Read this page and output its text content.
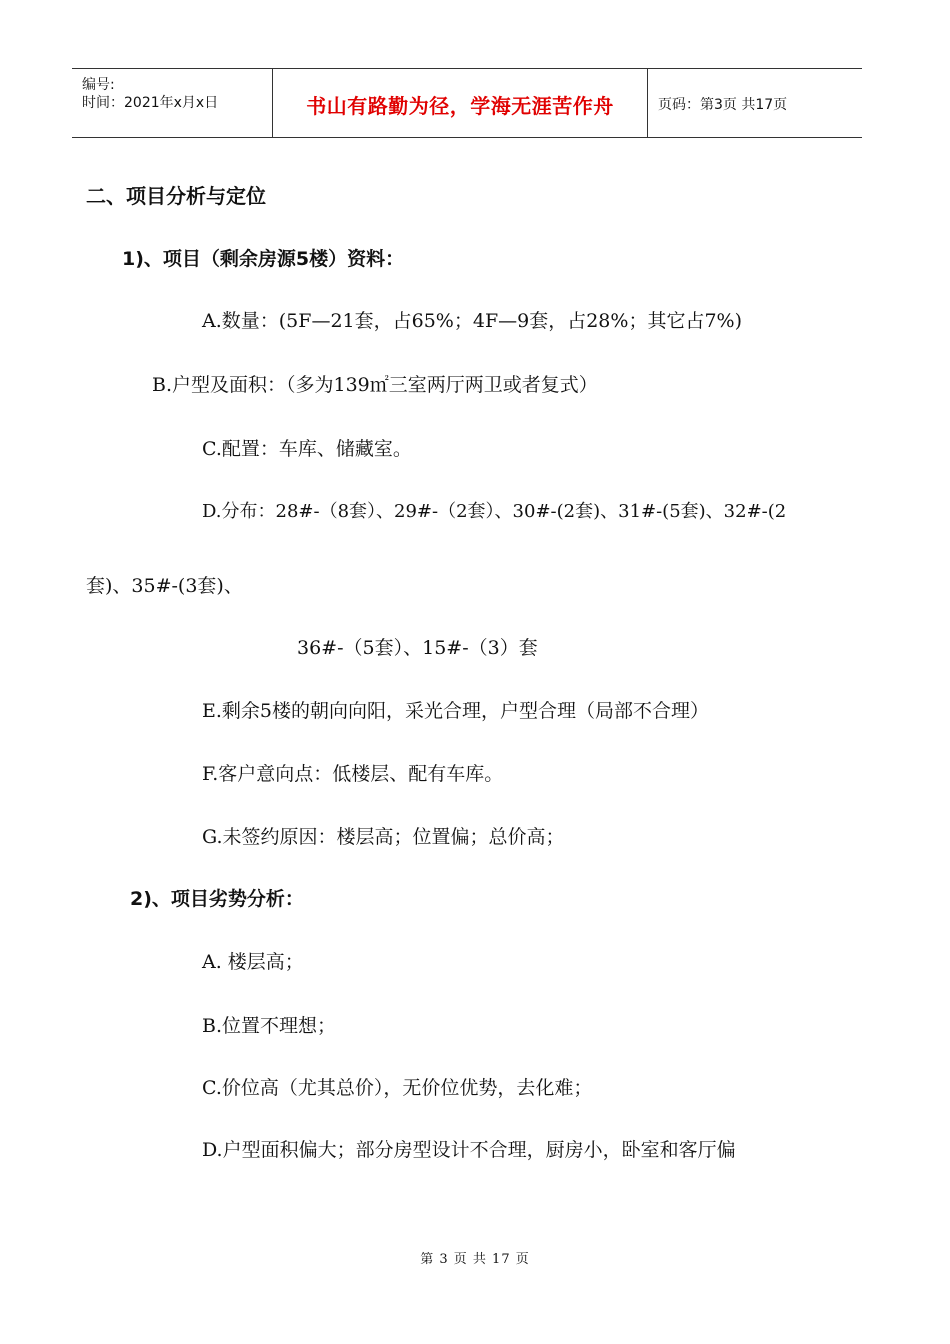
编号:
时间：2021年x月x日	书山有路勤为径，学海无涯苦作舟	页码：第3页 共17页
二、项目分析与定位
1)、项目（剩余房源5楼）资料：
A.数量：(5F—21套，占65%；4F—9套，占28%；其它占7%)
B.户型及面积：（多为139㎡三室两厅两卫或者复式）
C.配置：车库、储藏室。
D.分布：28#-（8套）、29#-（2套）、30#-(2套)、31#-(5套)、32#-(2
套)、35#-(3套)、
36#-（5套）、15#-（3）套
E.剩余5楼的朝向向阳，采光合理，户型合理（局部不合理）
F.客户意向点：低楼层、配有车库。
G.未签约原因：楼层高；位置偏；总价高；
2)、项目劣势分析：
A. 楼层高；
B.位置不理想；
C.价位高（尤其总价），无价位优势，去化难；
D.户型面积偏大；部分房型设计不合理，厨房小，卧室和客厅偏
第 3 页 共 17 页
